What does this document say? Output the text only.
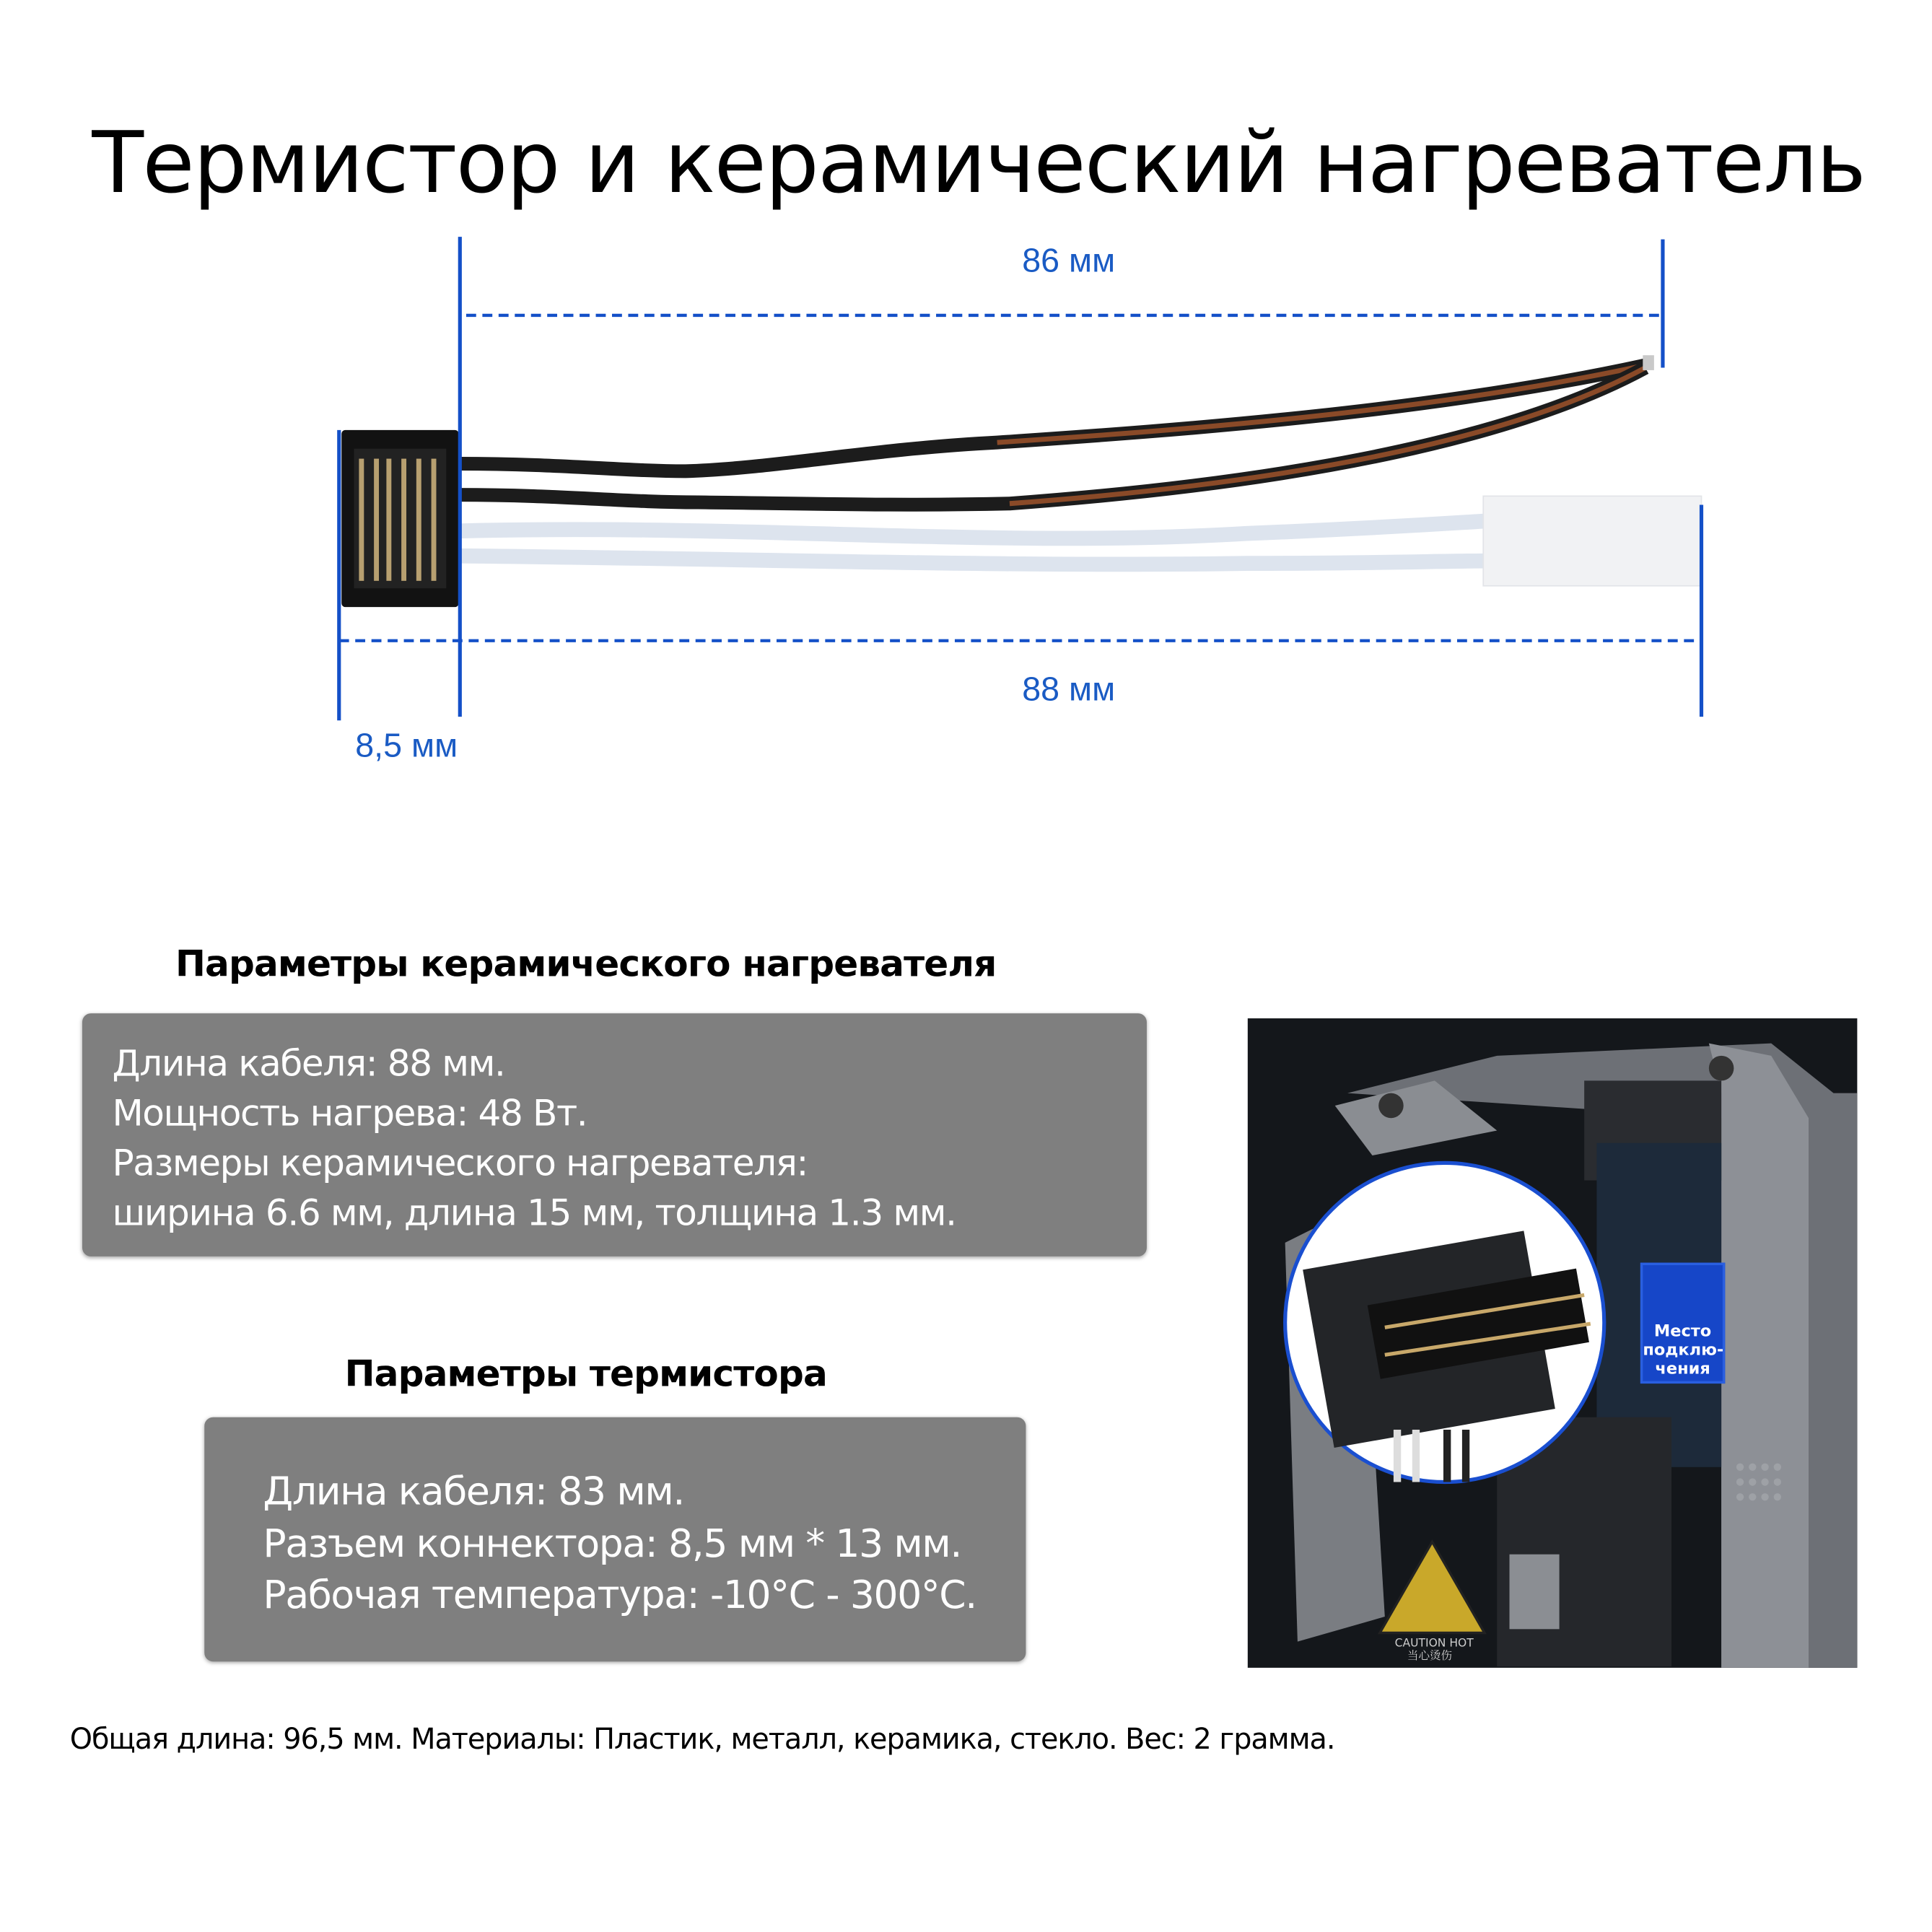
Термистор и керамический нагреватель
86 мм
88 мм
8,5 мм
Параметры керамического нагревателя
Длина кабеля: 88 мм.
Мощность нагрева: 48 Вт.
Размеры керамического нагревателя:
ширина 6.6 мм, длина 15 мм, толщина 1.3 мм.
Параметры термистора
Длина кабеля: 83 мм.
Разъем коннектора: 8,5 мм * 13 мм.
Рабочая температура: -10°C - 300°C.
Место
подклю-
чения
CAUTION HOT
当心烫伤
Общая длина: 96,5 мм. Материалы: Пластик, металл, керамика, стекло. Вес: 2 грамма.
